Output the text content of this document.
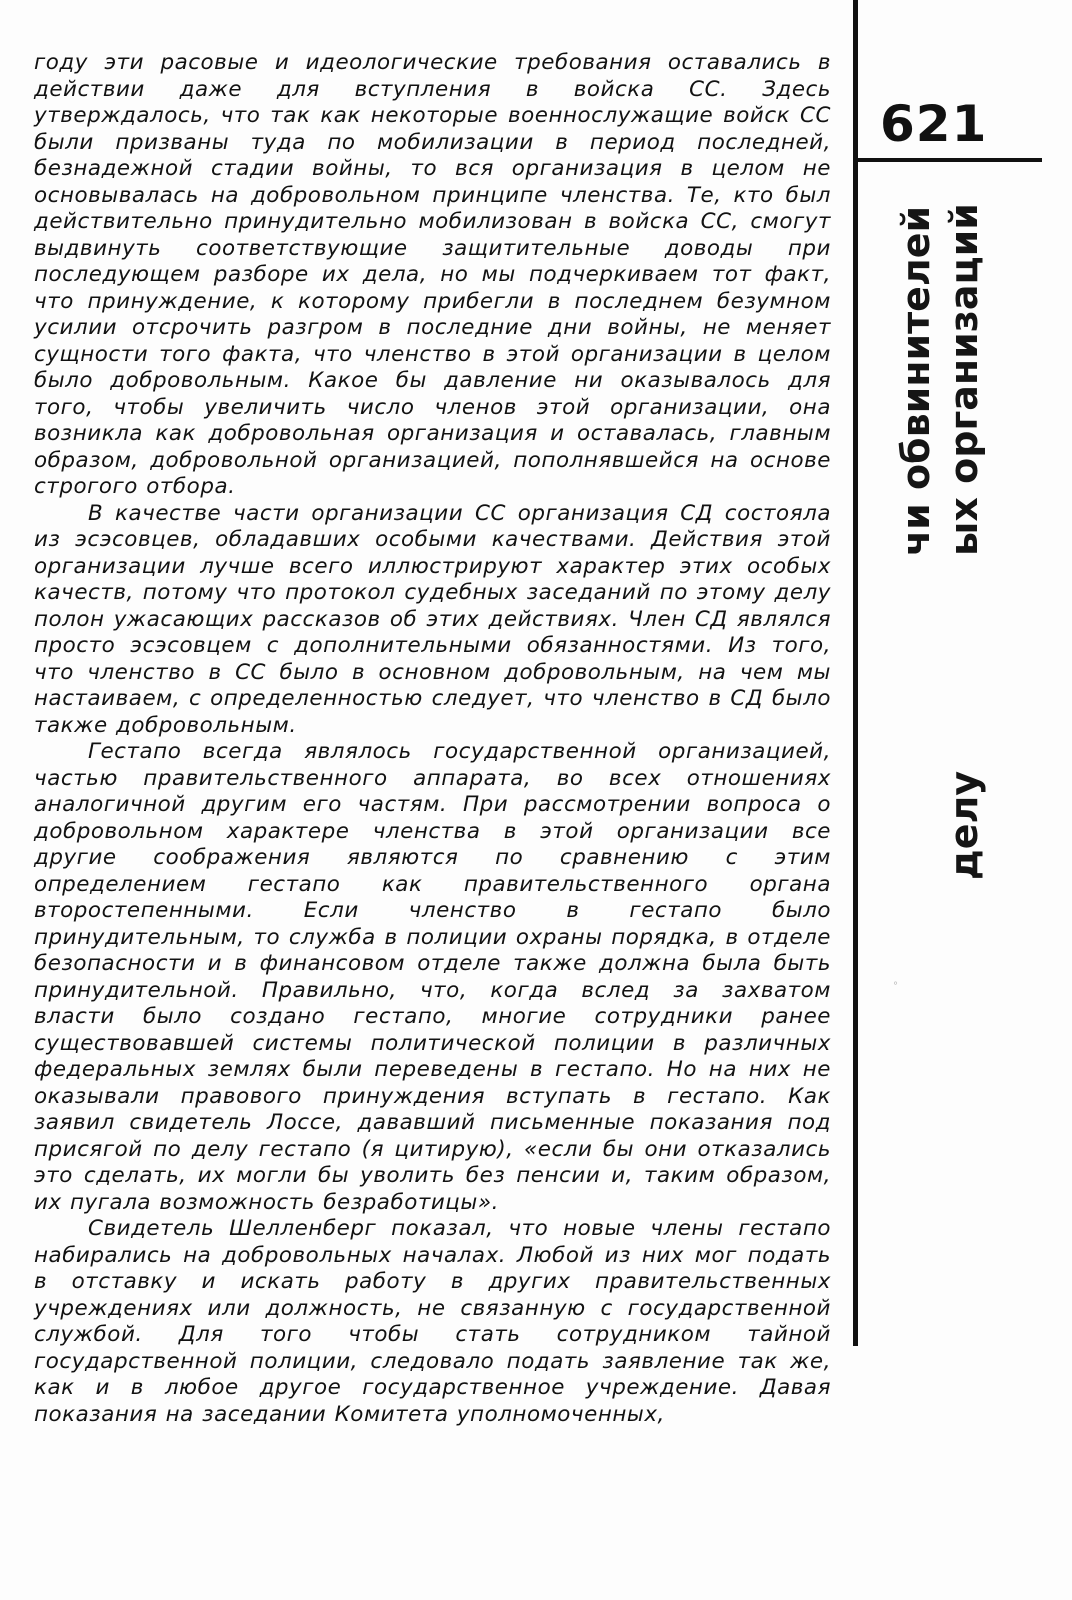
году эти расовые и идеологические требования оставались в действии даже для вступления в войска СС. Здесь утверждалось, что так как некоторые военнослужащие войск СС были призваны туда по мобилизации в период последней, безнадежной стадии войны, то вся организация в целом не основывалась на добровольном принципе членства. Те, кто был действительно принудительно мобилизован в войска СС, смогут выдвинуть соответствующие защитительные доводы при последующем разборе их дела, но мы подчеркиваем тот факт, что принуждение, к которому прибегли в последнем безумном усилии отсрочить разгром в последние дни войны, не меняет сущности того факта, что членство в этой организации в целом было добровольным. Какое бы давление ни оказывалось для того, чтобы увеличить число членов этой организации, она возникла как добровольная организация и оставалась, главным образом, добровольной организацией, пополнявшейся на основе строгого отбора.

В качестве части организации СС организация СД состояла из эсэсовцев, обладавших особыми качествами. Действия этой организации лучше всего иллюстрируют характер этих особых качеств, потому что протокол судебных заседаний по этому делу полон ужасающих рассказов об этих действиях. Член СД являлся просто эсэсовцем с дополнительными обязанностями. Из того, что членство в СС было в основном добровольным, на чем мы настаиваем, с определенностью следует, что членство в СД было также добровольным.

Гестапо всегда являлось государственной организацией, частью правительственного аппарата, во всех отношениях аналогичной другим его частям. При рассмотрении вопроса о добровольном характере членства в этой организации все другие соображения являются по сравнению с этим определением гестапо как правительственного органа второстепенными. Если членство в гестапо было принудительным, то служба в полиции охраны порядка, в отделе безопасности и в финансовом отделе также должна была быть принудительной. Правильно, что, когда вслед за захватом власти было создано гестапо, многие сотрудники ранее существовавшей системы политической полиции в различных федеральных землях были переведены в гестапо. Но на них не оказывали правового принуждения вступать в гестапо. Как заявил свидетель Лоссе, дававший письменные показания под присягой по делу гестапо (я цитирую), «если бы они отказались это сделать, их могли бы уволить без пенсии и, таким образом, их пугала возможность безработицы».

Свидетель Шелленберг показал, что новые члены гестапо набирались на добровольных началах. Любой из них мог подать в отставку и искать работу в других правительственных учреждениях или должность, не связанную с государственной службой. Для того чтобы стать сотрудником тайной государственной полиции, следовало подать заявление так же, как и в любое другое государственное учреждение. Давая показания на заседании Комитета уполномоченных,

621
чи обвинителей ых организаций
делу
°
